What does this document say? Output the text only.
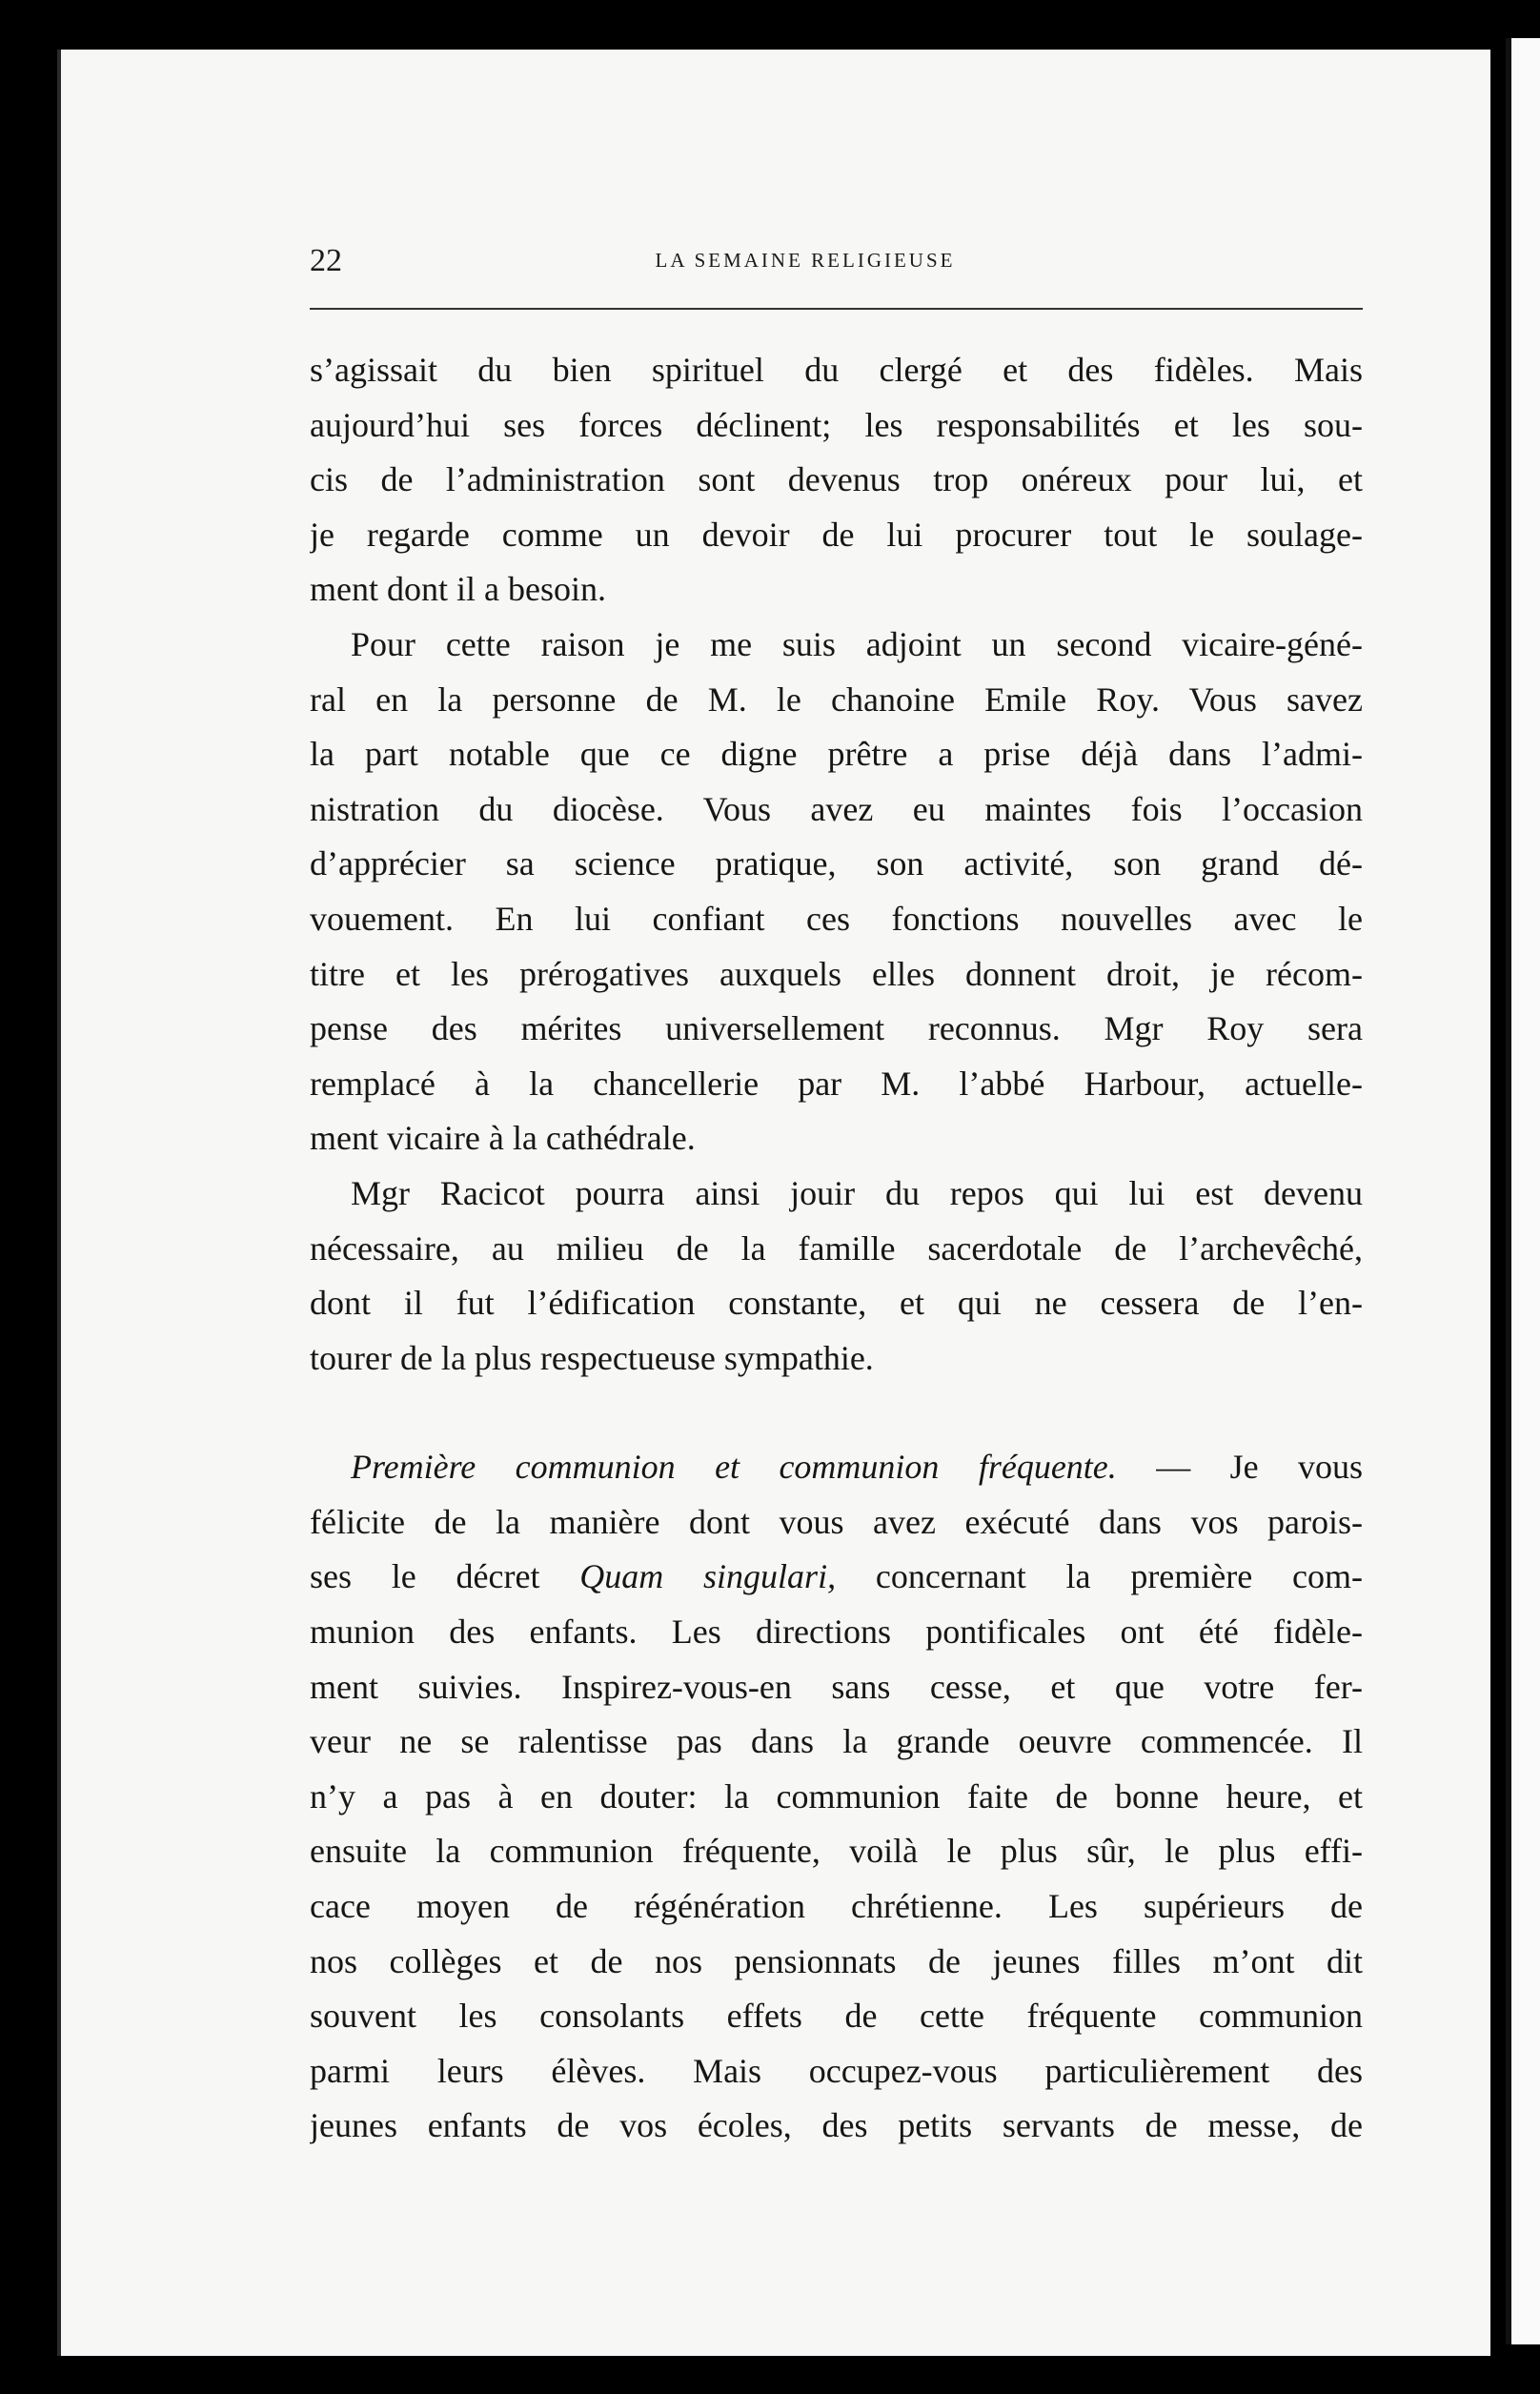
22	LA SEMAINE RELIGIEUSE
s’agissait du bien spirituel du clergé et des fidèles. Mais
aujourd’hui ses forces déclinent; les responsabilités et les sou-
cis de l’administration sont devenus trop onéreux pour lui, et
je regarde comme un devoir de lui procurer tout le soulage-
ment dont il a besoin.
Pour cette raison je me suis adjoint un second vicaire-géné-
ral en la personne de M. le chanoine Emile Roy. Vous savez
la part notable que ce digne prêtre a prise déjà dans l’admi-
nistration du diocèse. Vous avez eu maintes fois l’occasion
d’apprécier sa science pratique, son activité, son grand dé-
vouement. En lui confiant ces fonctions nouvelles avec le
titre et les prérogatives auxquels elles donnent droit, je récom-
pense des mérites universellement reconnus. Mgr Roy sera
remplacé à la chancellerie par M. l’abbé Harbour, actuelle-
ment vicaire à la cathédrale.
Mgr Racicot pourra ainsi jouir du repos qui lui est devenu
nécessaire, au milieu de la famille sacerdotale de l’archevêché,
dont il fut l’édification constante, et qui ne cessera de l’en-
tourer de la plus respectueuse sympathie.
Première communion et communion fréquente. — Je vous
félicite de la manière dont vous avez exécuté dans vos parois-
ses le décret Quam singulari, concernant la première com-
munion des enfants. Les directions pontificales ont été fidèle-
ment suivies. Inspirez-vous-en sans cesse, et que votre fer-
veur ne se ralentisse pas dans la grande oeuvre commencée. Il
n’y a pas à en douter: la communion faite de bonne heure, et
ensuite la communion fréquente, voilà le plus sûr, le plus effi-
cace moyen de régénération chrétienne. Les supérieurs de
nos collèges et de nos pensionnats de jeunes filles m’ont dit
souvent les consolants effets de cette fréquente communion
parmi leurs élèves. Mais occupez-vous particulièrement des
jeunes enfants de vos écoles, des petits servants de messe, de
